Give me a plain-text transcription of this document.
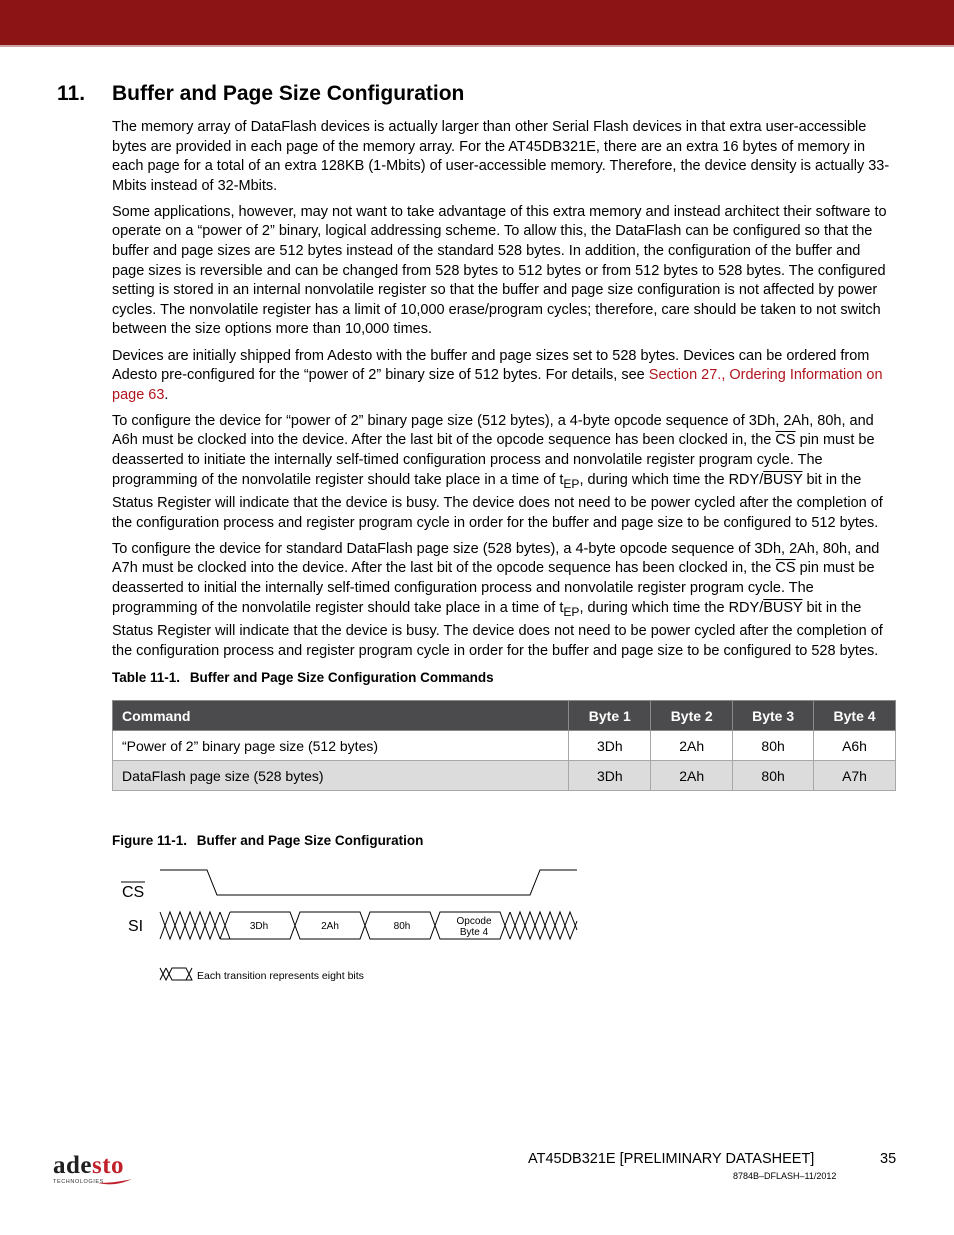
11. Buffer and Page Size Configuration

The memory array of DataFlash devices is actually larger than other Serial Flash devices in that extra user-accessible bytes are provided in each page of the memory array. For the AT45DB321E, there are an extra 16 bytes of memory in each page for a total of an extra 128KB (1-Mbits) of user-accessible memory. Therefore, the device density is actually 33-Mbits instead of 32-Mbits.

Some applications, however, may not want to take advantage of this extra memory and instead architect their software to operate on a “power of 2” binary, logical addressing scheme. To allow this, the DataFlash can be configured so that the buffer and page sizes are 512 bytes instead of the standard 528 bytes. In addition, the configuration of the buffer and page sizes is reversible and can be changed from 528 bytes to 512 bytes or from 512 bytes to 528 bytes. The configured setting is stored in an internal nonvolatile register so that the buffer and page size configuration is not affected by power cycles. The nonvolatile register has a limit of 10,000 erase/program cycles; therefore, care should be taken to not switch between the size options more than 10,000 times.

Devices are initially shipped from Adesto with the buffer and page sizes set to 528 bytes. Devices can be ordered from Adesto pre-configured for the “power of 2” binary size of 512 bytes. For details, see Section 27., Ordering Information on page 63.

To configure the device for “power of 2” binary page size (512 bytes), a 4-byte opcode sequence of 3Dh, 2Ah, 80h, and A6h must be clocked into the device. After the last bit of the opcode sequence has been clocked in, the $\overline{CS}$ pin must be deasserted to initiate the internally self-timed configuration process and nonvolatile register program cycle. The programming of the nonvolatile register should take place in a time of $t_{EP}$, during which time the RDY/BUSY bit in the Status Register will indicate that the device is busy. The device does not need to be power cycled after the completion of the configuration process and register program cycle in order for the buffer and page size to be configured to 512 bytes.

To configure the device for standard DataFlash page size (528 bytes), a 4-byte opcode sequence of 3Dh, 2Ah, 80h, and A7h must be clocked into the device. After the last bit of the opcode sequence has been clocked in, the $\overline{CS}$ pin must be deasserted to initial the internally self-timed configuration process and nonvolatile register program cycle. The programming of the nonvolatile register should take place in a time of $t_{EP}$, during which time the RDY/BUSY bit in the Status Register will indicate that the device is busy. The device does not need to be power cycled after the completion of the configuration process and register program cycle in order for the buffer and page size to be configured to 528 bytes.

Table 11-1. Buffer and Page Size Configuration Commands
Command	Byte 1	Byte 2	Byte 3	Byte 4
“Power of 2” binary page size (512 bytes)	3Dh	2Ah	80h	A6h
DataFlash page size (528 bytes)	3Dh	2Ah	80h	A7h
Figure 11-1. Buffer and Page Size Configuration
CS
SI	3Dh	2Ah	80h	Opcode
Byte 4
Each transition represents eight bits
adesto
TECHNOLOGIES
AT45DB321E [PRELIMINARY DATASHEET]	35
8784B–DFLASH–11/2012
